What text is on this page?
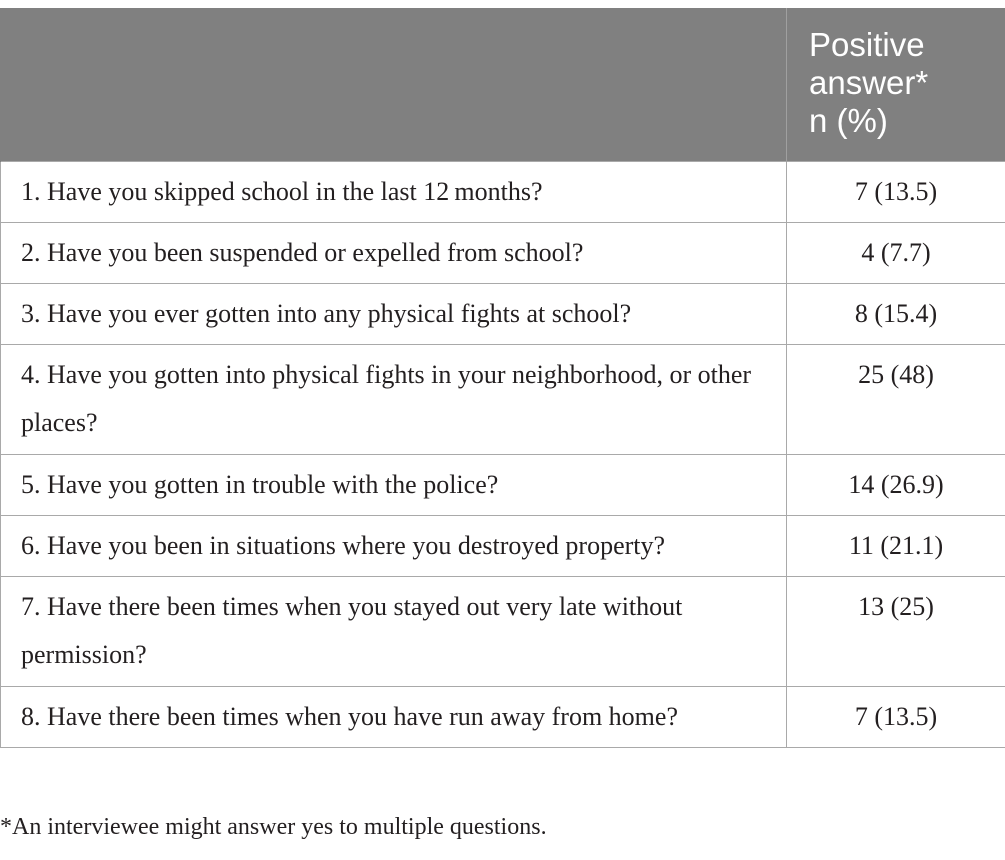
	Positive
answer*
n (%)

1. Have you skipped school in the last 12 months?	7 (13.5)
2. Have you been suspended or expelled from school?	4 (7.7)
3. Have you ever gotten into any physical fights at school?	8 (15.4)
4. Have you gotten into physical fights in your neighborhood, or other places?	25 (48)
5. Have you gotten in trouble with the police?	14 (26.9)
6. Have you been in situations where you destroyed property?	11 (21.1)
7. Have there been times when you stayed out very late without permission?	13 (25)
8. Have there been times when you have run away from home?	7 (13.5)
*An interviewee might answer yes to multiple questions.
